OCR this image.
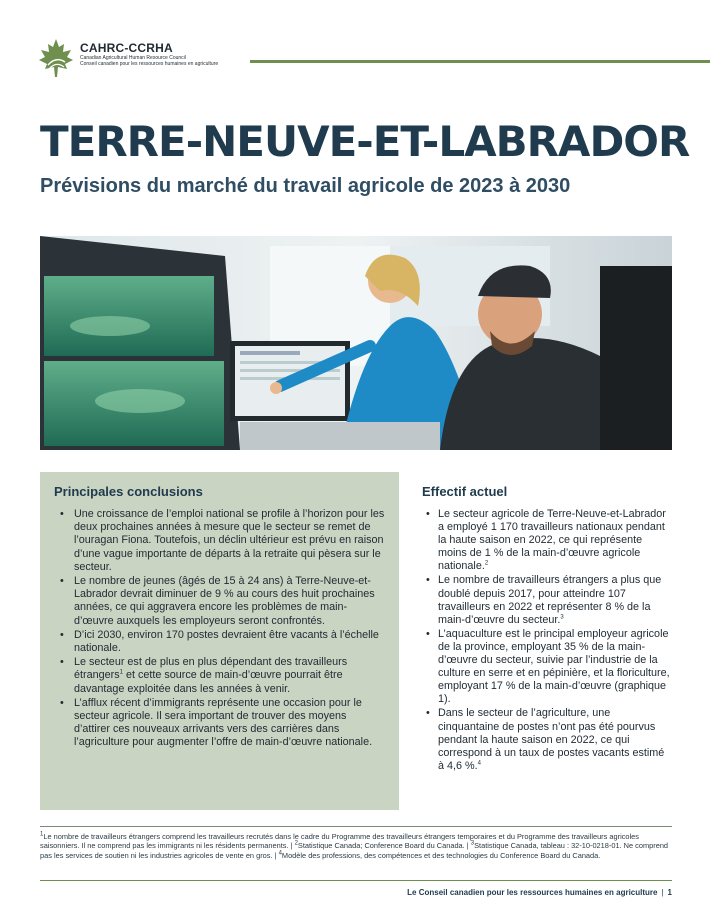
CAHRC-CCRHA
Canadian Agricultural Human Resource Council
Conseil canadien pour les ressources humaines en agriculture
TERRE-NEUVE-ET-LABRADOR
Prévisions du marché du travail agricole de 2023 à 2030
Principales conclusions
• Une croissance de l’emploi national se profile à l’horizon pour les deux prochaines années à mesure que le secteur se remet de l’ouragan Fiona. Toutefois, un déclin ultérieur est prévu en raison d’une vague importante de départs à la retraite qui pèsera sur le secteur.
• Le nombre de jeunes (âgés de 15 à 24 ans) à Terre-Neuve-et-Labrador devrait diminuer de 9 % au cours des huit prochaines années, ce qui aggravera encore les problèmes de main-d’œuvre auxquels les employeurs seront confrontés.
• D’ici 2030, environ 170 postes devraient être vacants à l’échelle nationale.
• Le secteur est de plus en plus dépendant des travailleurs étrangers$^1$ et cette source de main-d’œuvre pourrait être davantage exploitée dans les années à venir.
• L’afflux récent d’immigrants représente une occasion pour le secteur agricole. Il sera important de trouver des moyens d’attirer ces nouveaux arrivants vers des carrières dans l’agriculture pour augmenter l’offre de main-d’œuvre nationale.
Effectif actuel
• Le secteur agricole de Terre-Neuve-et-Labrador a employé 1 170 travailleurs nationaux pendant la haute saison en 2022, ce qui représente moins de 1 % de la main-d’œuvre agricole nationale.$^2$
• Le nombre de travailleurs étrangers a plus que doublé depuis 2017, pour atteindre 107 travailleurs en 2022 et représenter 8 % de la main-d’œuvre du secteur.$^3$
• L’aquaculture est le principal employeur agricole de la province, employant 35 % de la main-d’œuvre du secteur, suivie par l’industrie de la culture en serre et en pépinière, et la floriculture, employant 17 % de la main-d’œuvre (graphique 1).
• Dans le secteur de l’agriculture, une cinquantaine de postes n’ont pas été pourvus pendant la haute saison en 2022, ce qui correspond à un taux de postes vacants estimé à 4,6 %.$^4$
$^1$Le nombre de travailleurs étrangers comprend les travailleurs recrutés dans le cadre du Programme des travailleurs étrangers temporaires et du Programme des travailleurs agricoles saisonniers. Il ne comprend pas les immigrants ni les résidents permanents. | $^2$Statistique Canada; Conference Board du Canada. | $^3$Statistique Canada, tableau : 32-10-0218-01. Ne comprend pas les services de soutien ni les industries agricoles de vente en gros. | $^4$Modèle des professions, des compétences et des technologies du Conference Board du Canada.
Le Conseil canadien pour les ressources humaines en agriculture | 1
